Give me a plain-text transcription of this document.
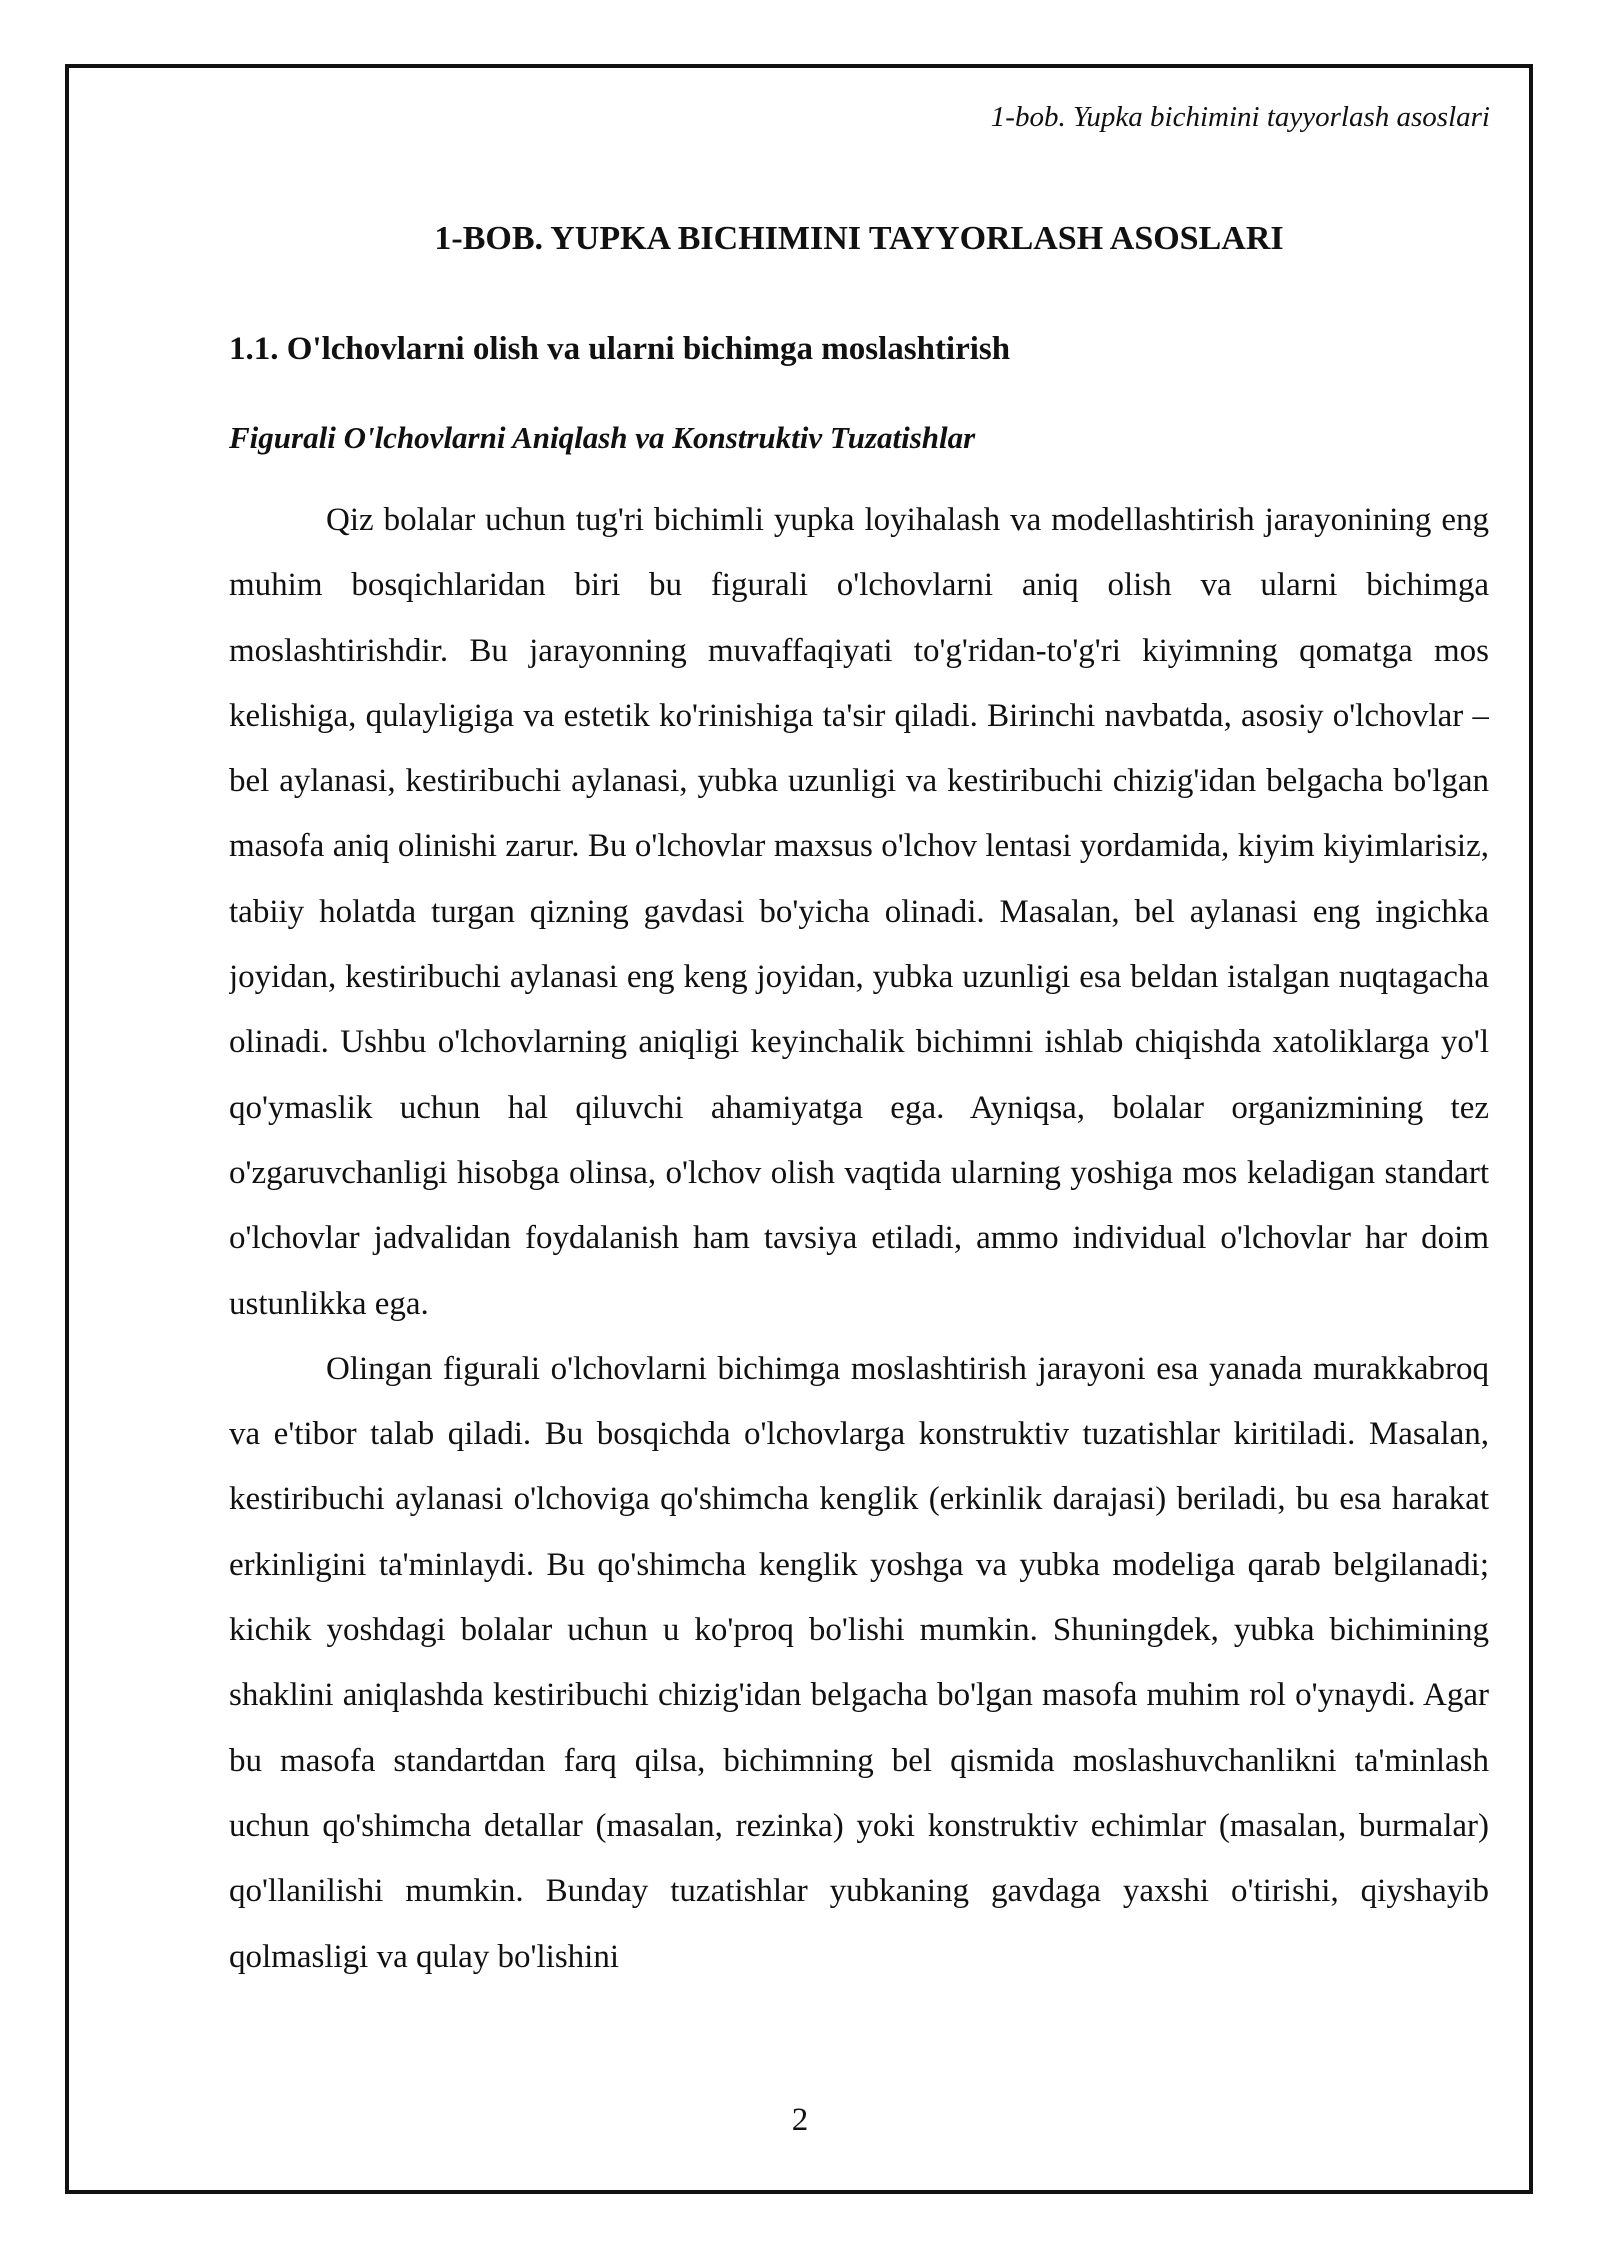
1-bob. Yupka bichimini tayyorlash asoslari
1-BOB. YUPKA BICHIMINI TAYYORLASH ASOSLARI
1.1. O'lchovlarni olish va ularni bichimga moslashtirish
Figurali O'lchovlarni Aniqlash va Konstruktiv Tuzatishlar

Qiz bolalar uchun tug'ri bichimli yupka loyihalash va modellashtirish jarayonining eng muhim bosqichlaridan biri bu figurali o'lchovlarni aniq olish va ularni bichimga moslashtirishdir. Bu jarayonning muvaffaqiyati to'g'ridan-to'g'ri kiyimning qomatga mos kelishiga, qulayligiga va estetik ko'rinishiga ta'sir qiladi. Birinchi navbatda, asosiy o'lchovlar – bel aylanasi, kestiribuchi aylanasi, yubka uzunligi va kestiribuchi chizig'idan belgacha bo'lgan masofa aniq olinishi zarur. Bu o'lchovlar maxsus o'lchov lentasi yordamida, kiyim kiyimlarisiz, tabiiy holatda turgan qizning gavdasi bo'yicha olinadi. Masalan, bel aylanasi eng ingichka joyidan, kestiribuchi aylanasi eng keng joyidan, yubka uzunligi esa beldan istalgan nuqtagacha olinadi. Ushbu o'lchovlarning aniqligi keyinchalik bichimni ishlab chiqishda xatoliklarga yo'l qo'ymaslik uchun hal qiluvchi ahamiyatga ega. Ayniqsa, bolalar organizmining tez o'zgaruvchanligi hisobga olinsa, o'lchov olish vaqtida ularning yoshiga mos keladigan standart o'lchovlar jadvalidan foydalanish ham tavsiya etiladi, ammo individual o'lchovlar har doim ustunlikka ega.

Olingan figurali o'lchovlarni bichimga moslashtirish jarayoni esa yanada murakkabroq va e'tibor talab qiladi. Bu bosqichda o'lchovlarga konstruktiv tuzatishlar kiritiladi. Masalan, kestiribuchi aylanasi o'lchoviga qo'shimcha kenglik (erkinlik darajasi) beriladi, bu esa harakat erkinligini ta'minlaydi. Bu qo'shimcha kenglik yoshga va yubka modeliga qarab belgilanadi; kichik yoshdagi bolalar uchun u ko'proq bo'lishi mumkin. Shuningdek, yubka bichimining shaklini aniqlashda kestiribuchi chizig'idan belgacha bo'lgan masofa muhim rol o'ynaydi. Agar bu masofa standartdan farq qilsa, bichimning bel qismida moslashuvchanlikni ta'minlash uchun qo'shimcha detallar (masalan, rezinka) yoki konstruktiv echimlar (masalan, burmalar) qo'llanilishi mumkin. Bunday tuzatishlar yubkaning gavdaga yaxshi o'tirishi, qiyshayib qolmasligi va qulay bo'lishini

2
